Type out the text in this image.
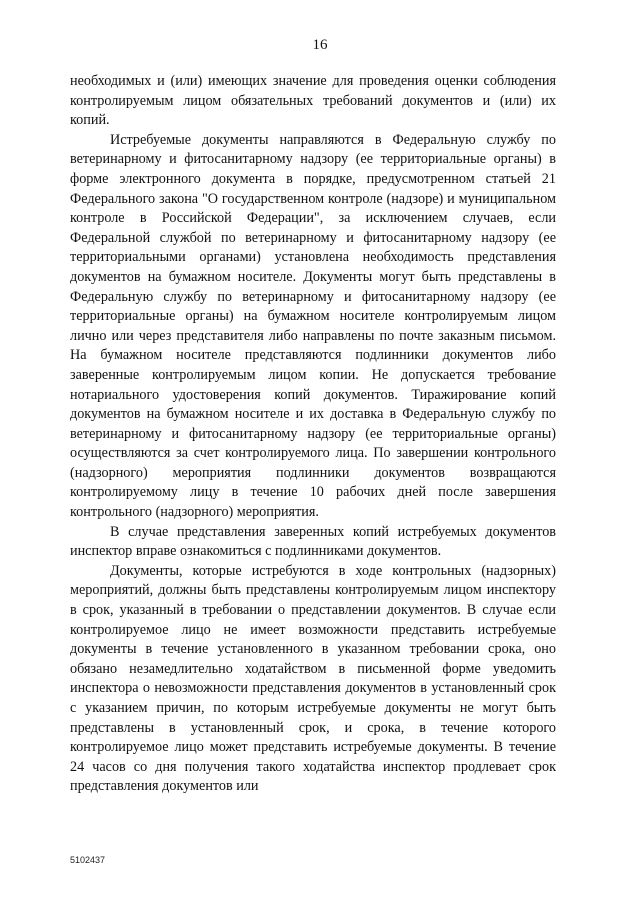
16

необходимых и (или) имеющих значение для проведения оценки соблюдения контролируемым лицом обязательных требований документов и (или) их копий.

Истребуемые документы направляются в Федеральную службу по ветеринарному и фитосанитарному надзору (ее территориальные органы) в форме электронного документа в порядке, предусмотренном статьей 21 Федерального закона "О государственном контроле (надзоре) и муниципальном контроле в Российской Федерации", за исключением случаев, если Федеральной службой по ветеринарному и фитосанитарному надзору (ее территориальными органами) установлена необходимость представления документов на бумажном носителе. Документы могут быть представлены в Федеральную службу по ветеринарному и фитосанитарному надзору (ее территориальные органы) на бумажном носителе контролируемым лицом лично или через представителя либо направлены по почте заказным письмом. На бумажном носителе представляются подлинники документов либо заверенные контролируемым лицом копии. Не допускается требование нотариального удостоверения копий документов. Тиражирование копий документов на бумажном носителе и их доставка в Федеральную службу по ветеринарному и фитосанитарному надзору (ее территориальные органы) осуществляются за счет контролируемого лица. По завершении контрольного (надзорного) мероприятия подлинники документов возвращаются контролируемому лицу в течение 10 рабочих дней после завершения контрольного (надзорного) мероприятия.

В случае представления заверенных копий истребуемых документов инспектор вправе ознакомиться с подлинниками документов.

Документы, которые истребуются в ходе контрольных (надзорных) мероприятий, должны быть представлены контролируемым лицом инспектору в срок, указанный в требовании о представлении документов. В случае если контролируемое лицо не имеет возможности представить истребуемые документы в течение установленного в указанном требовании срока, оно обязано незамедлительно ходатайством в письменной форме уведомить инспектора о невозможности представления документов в установленный срок с указанием причин, по которым истребуемые документы не могут быть представлены в установленный срок, и срока, в течение которого контролируемое лицо может представить истребуемые документы. В течение 24 часов со дня получения такого ходатайства инспектор продлевает срок представления документов или

5102437
